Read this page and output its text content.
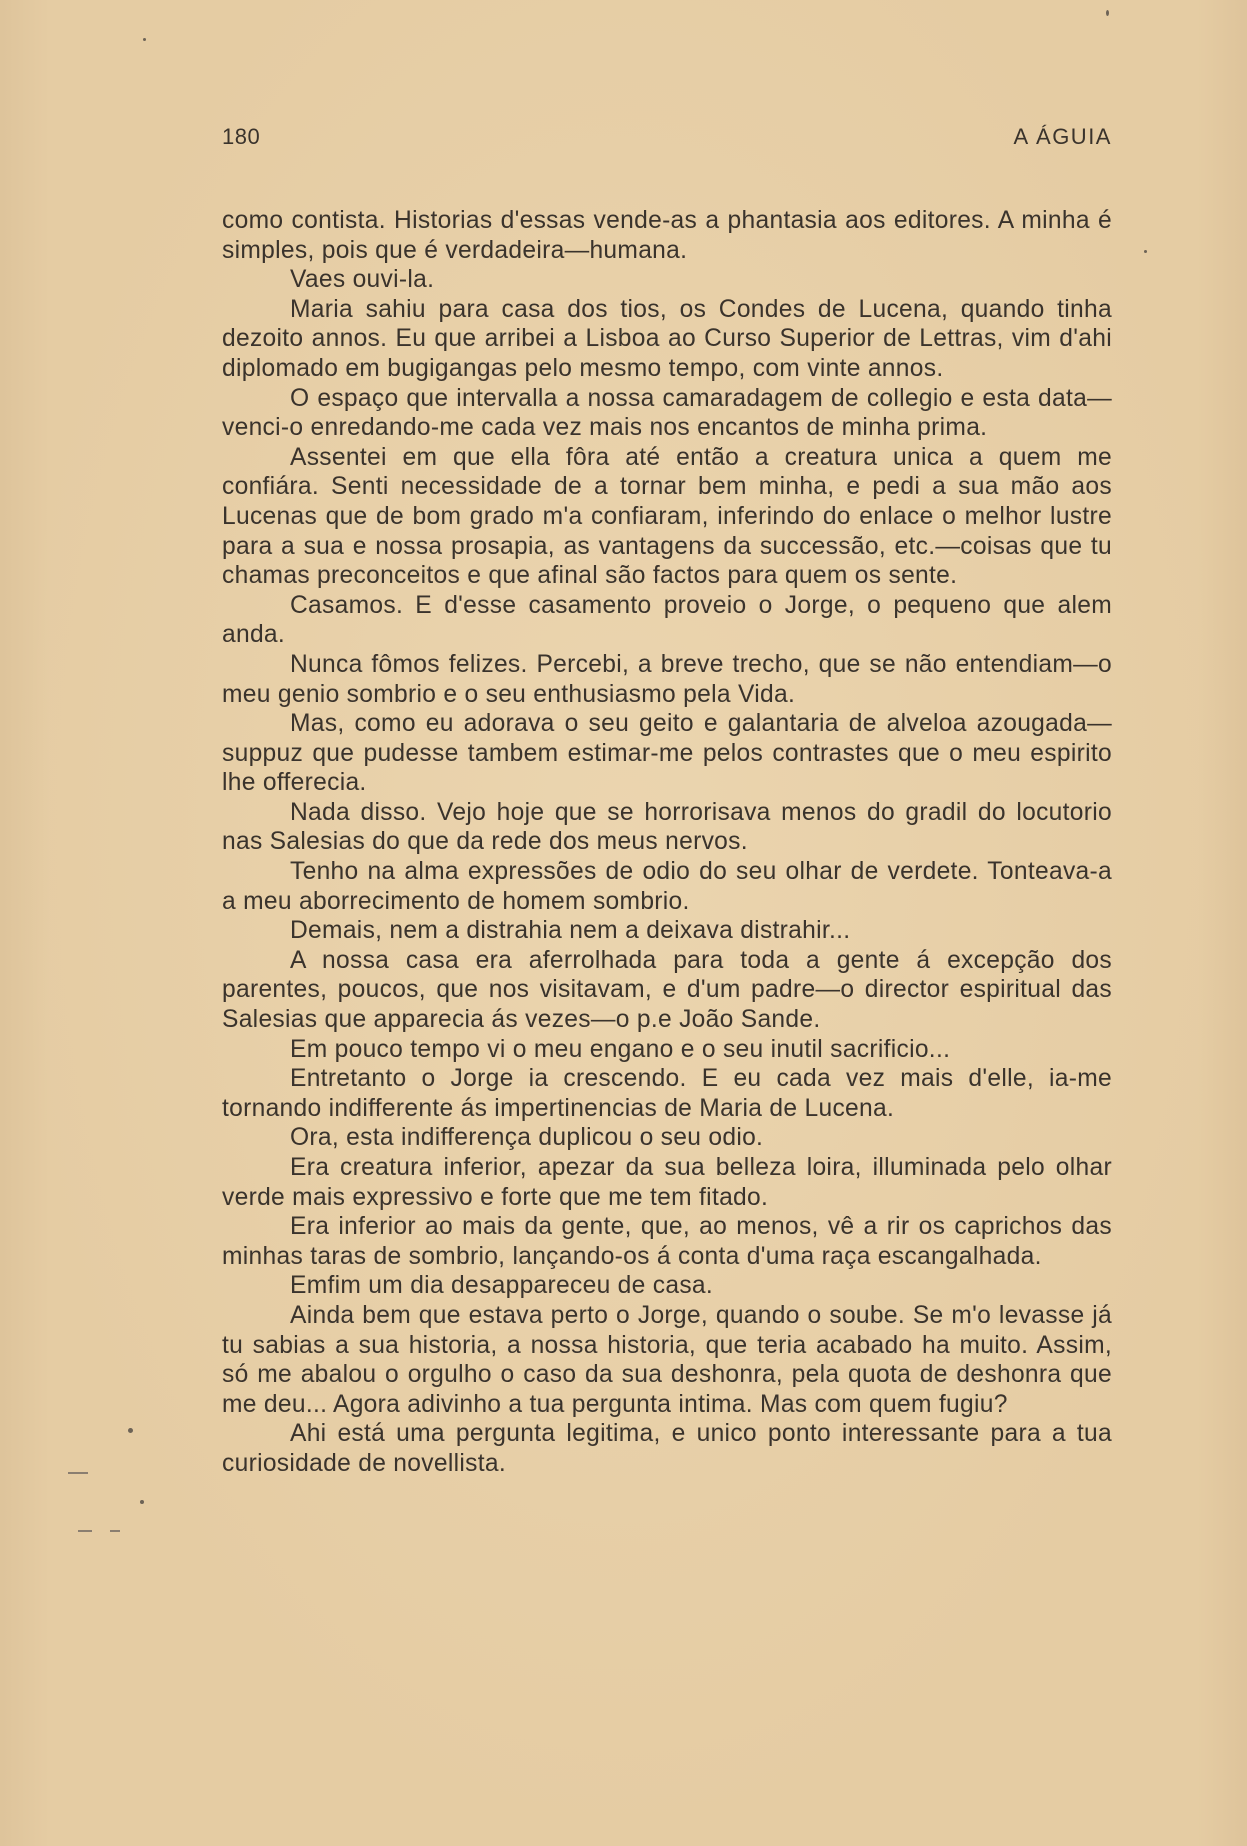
180	A ÁGUIA

como contista. Historias d'essas vende-as a phantasia aos editores. A minha é simples, pois que é verdadeira—humana.

Vaes ouvi-la.

Maria sahiu para casa dos tios, os Condes de Lucena, quando tinha dezoito annos. Eu que arribei a Lisboa ao Curso Superior de Lettras, vim d'ahi diplomado em bugigangas pelo mesmo tempo, com vinte annos.

O espaço que intervalla a nossa camaradagem de collegio e esta data—venci-o enredando-me cada vez mais nos encantos de minha prima.

Assentei em que ella fôra até então a creatura unica a quem me confiára. Senti necessidade de a tornar bem minha, e pedi a sua mão aos Lucenas que de bom grado m'a confiaram, inferindo do enlace o melhor lustre para a sua e nossa prosapia, as vantagens da successão, etc.—coisas que tu chamas preconceitos e que afinal são factos para quem os sente.

Casamos. E d'esse casamento proveio o Jorge, o pequeno que alem anda.

Nunca fômos felizes. Percebi, a breve trecho, que se não entendiam—o meu genio sombrio e o seu enthusiasmo pela Vida.

Mas, como eu adorava o seu geito e galantaria de alveloa azougada—suppuz que pudesse tambem estimar-me pelos contrastes que o meu espirito lhe offerecia.

Nada disso. Vejo hoje que se horrorisava menos do gradil do locutorio nas Salesias do que da rede dos meus nervos.

Tenho na alma expressões de odio do seu olhar de verdete. Tonteava-a a meu aborrecimento de homem sombrio.

Demais, nem a distrahia nem a deixava distrahir...

A nossa casa era aferrolhada para toda a gente á excepção dos parentes, poucos, que nos visitavam, e d'um padre—o director espiritual das Salesias que apparecia ás vezes—o p.e João Sande.

Em pouco tempo vi o meu engano e o seu inutil sacrificio...

Entretanto o Jorge ia crescendo. E eu cada vez mais d'elle, ia-me tornando indifferente ás impertinencias de Maria de Lucena.

Ora, esta indifferença duplicou o seu odio.

Era creatura inferior, apezar da sua belleza loira, illuminada pelo olhar verde mais expressivo e forte que me tem fitado.

Era inferior ao mais da gente, que, ao menos, vê a rir os caprichos das minhas taras de sombrio, lançando-os á conta d'uma raça escangalhada.

Emfim um dia desappareceu de casa.

Ainda bem que estava perto o Jorge, quando o soube. Se m'o levasse já tu sabias a sua historia, a nossa historia, que teria acabado ha muito. Assim, só me abalou o orgulho o caso da sua deshonra, pela quota de deshonra que me deu... Agora adivinho a tua pergunta intima. Mas com quem fugiu?

Ahi está uma pergunta legitima, e unico ponto interessante para a tua curiosidade de novellista.
